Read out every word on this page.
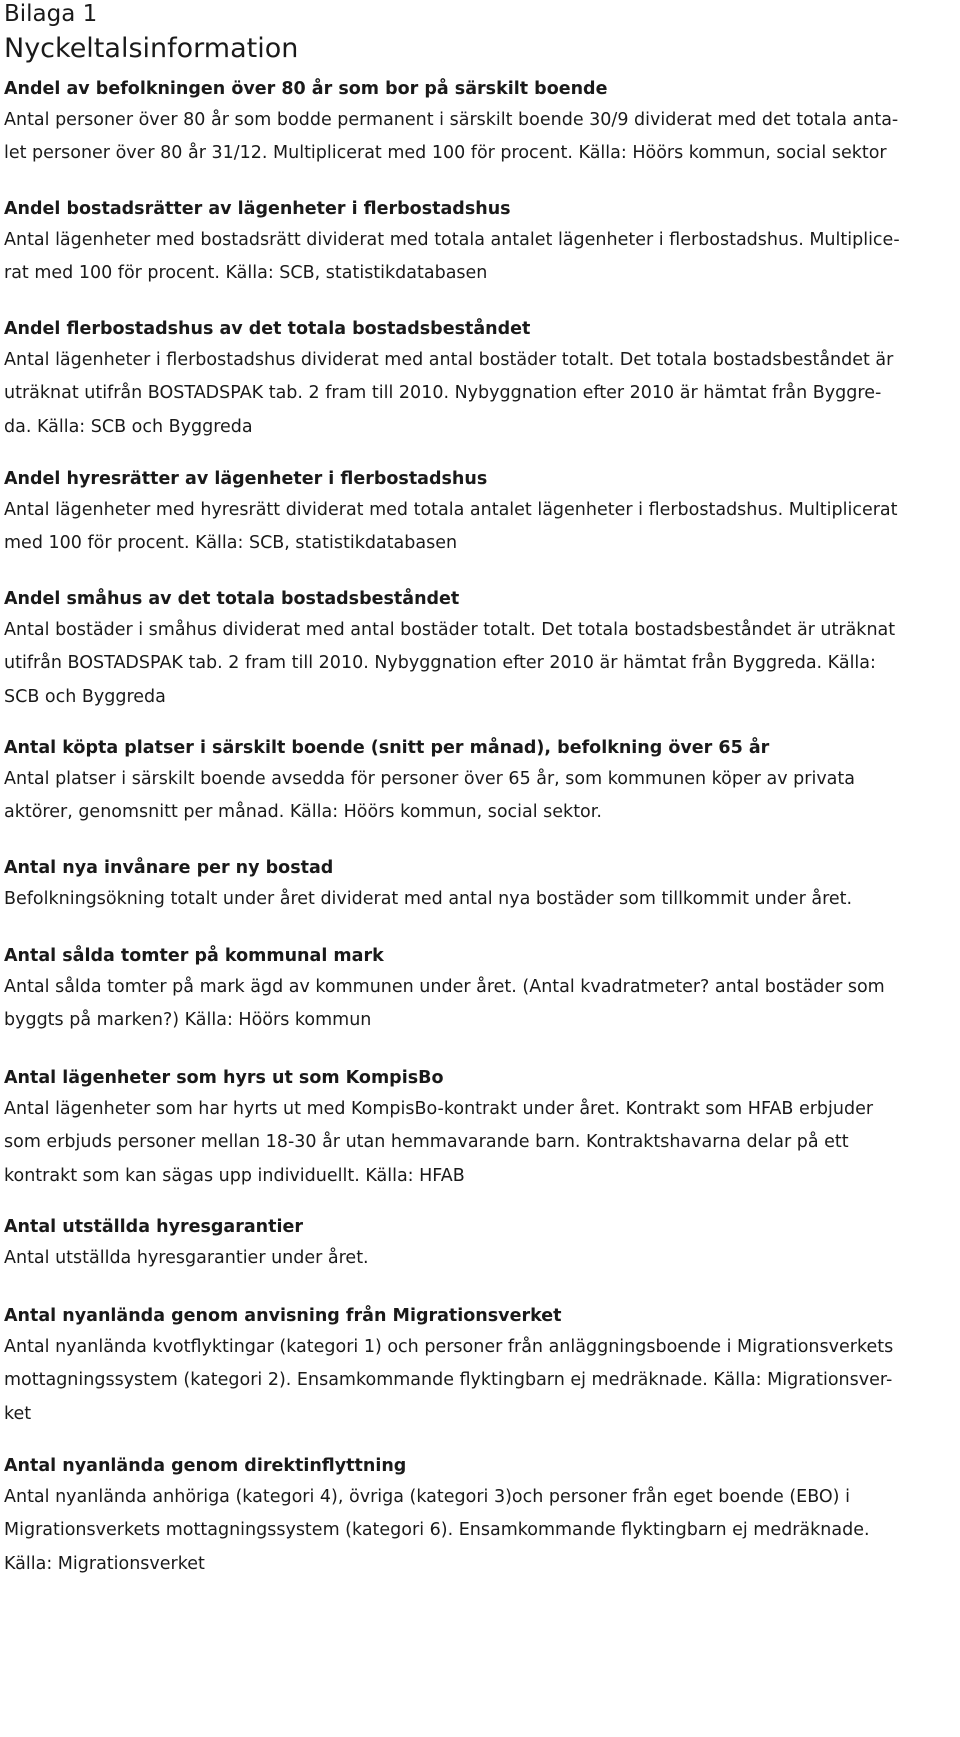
Bilaga 1
Nyckeltalsinformation
Andel av befolkningen över 80 år som bor på särskilt boende
Antal personer över 80 år som bodde permanent i särskilt boende 30/9 dividerat med det totala anta-
let personer över 80 år 31/12. Multiplicerat med 100 för procent. Källa: Höörs kommun, social sektor
Andel bostadsrätter av lägenheter i flerbostadshus
Antal lägenheter med bostadsrätt dividerat med totala antalet lägenheter i flerbostadshus. Multiplice-
rat med 100 för procent. Källa: SCB, statistikdatabasen
Andel flerbostadshus av det totala bostadsbeståndet
Antal lägenheter i flerbostadshus dividerat med antal bostäder totalt. Det totala bostadsbeståndet är
uträknat utifrån BOSTADSPAK tab. 2 fram till 2010. Nybyggnation efter 2010 är hämtat från Byggre-
da. Källa: SCB och Byggreda
Andel hyresrätter av lägenheter i flerbostadshus
Antal lägenheter med hyresrätt dividerat med totala antalet lägenheter i flerbostadshus. Multiplicerat
med 100 för procent. Källa: SCB, statistikdatabasen
Andel småhus av det totala bostadsbeståndet
Antal bostäder i småhus dividerat med antal bostäder totalt. Det totala bostadsbeståndet är uträknat
utifrån BOSTADSPAK tab. 2 fram till 2010. Nybyggnation efter 2010 är hämtat från Byggreda. Källa:
SCB och Byggreda
Antal köpta platser i särskilt boende (snitt per månad), befolkning över 65 år
Antal platser i särskilt boende avsedda för personer över 65 år, som kommunen köper av privata
aktörer, genomsnitt per månad. Källa: Höörs kommun, social sektor.
Antal nya invånare per ny bostad
Befolkningsökning totalt under året dividerat med antal nya bostäder som tillkommit under året.
Antal sålda tomter på kommunal mark
Antal sålda tomter på mark ägd av kommunen under året. (Antal kvadratmeter? antal bostäder som
byggts på marken?) Källa: Höörs kommun
Antal lägenheter som hyrs ut som KompisBo
Antal lägenheter som har hyrts ut med KompisBo-kontrakt under året. Kontrakt som HFAB erbjuder
som erbjuds personer mellan 18-30 år utan hemmavarande barn. Kontraktshavarna delar på ett
kontrakt som kan sägas upp individuellt. Källa: HFAB
Antal utställda hyresgarantier
Antal utställda hyresgarantier under året.
Antal nyanlända genom anvisning från Migrationsverket
Antal nyanlända kvotflyktingar (kategori 1) och personer från anläggningsboende i Migrationsverkets
mottagningssystem (kategori 2). Ensamkommande flyktingbarn ej medräknade. Källa: Migrationsver-
ket
Antal nyanlända genom direktinflyttning
Antal nyanlända anhöriga (kategori 4), övriga (kategori 3)och personer från eget boende (EBO) i
Migrationsverkets mottagningssystem (kategori 6). Ensamkommande flyktingbarn ej medräknade.
Källa: Migrationsverket
